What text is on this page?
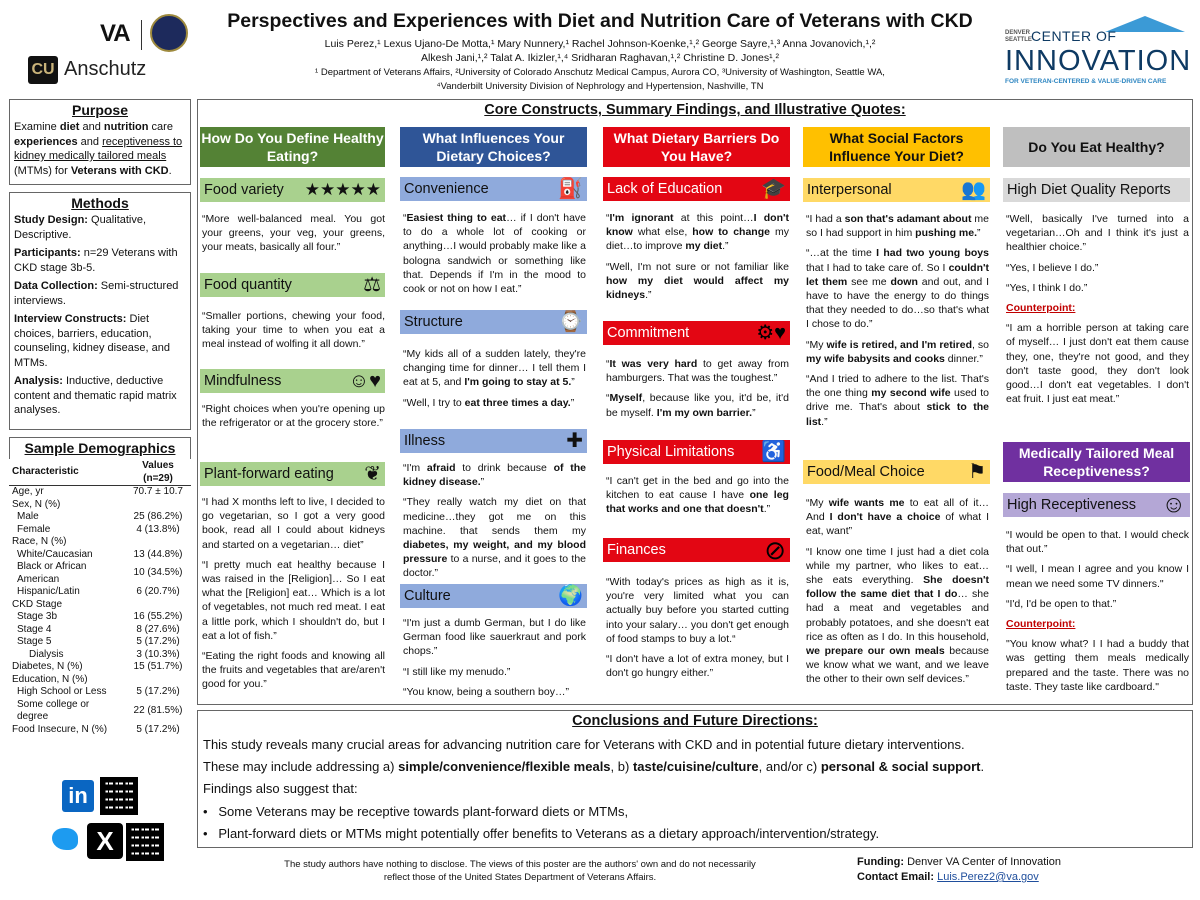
VA
CU Anschutz
Perspectives and Experiences with Diet and Nutrition Care of Veterans with CKD
Luis Perez,¹ Lexus Ujano-De Motta,¹ Mary Nunnery,¹ Rachel Johnson-Koenke,¹,² George Sayre,¹,³ Anna Jovanovich,¹,²
Alkesh Jani,¹,² Talat A. Ikizler,¹,⁴ Sridharan Raghavan,¹,² Christine D. Jones¹,²
¹ Department of Veterans Affairs, ²University of Colorado Anschutz Medical Campus, Aurora CO, ³University of Washington, Seattle WA,
⁴Vanderbilt University Division of Nephrology and Hypertension, Nashville, TN
DENVER SEATTLE CENTER OF
INNOVATION
FOR VETERAN-CENTERED & VALUE-DRIVEN CARE
Purpose
Examine diet and nutrition care experiences and receptiveness to kidney medically tailored meals (MTMs) for Veterans with CKD.
Methods

Study Design: Qualitative, Descriptive.

Participants: n=29 Veterans with CKD stage 3b-5.

Data Collection: Semi-structured interviews.

Interview Constructs: Diet choices, barriers, education, counseling, kidney disease, and MTMs.

Analysis: Inductive, deductive content and thematic rapid matrix analyses.

Sample Demographics
Characteristic	Values (n=29)
Age, yr	70.7 ± 10.7
Sex, N (%)	
Male	25 (86.2%)
Female	4 (13.8%)
Race, N (%)	
White/Caucasian	13 (44.8%)
Black or African American	10 (34.5%)
Hispanic/Latin	6 (20.7%)
CKD Stage	
Stage 3b	16 (55.2%)
Stage 4	8 (27.6%)
Stage 5	5 (17.2%)
Dialysis	3 (10.3%)
Diabetes, N (%)	15 (51.7%)
Education, N (%)	
High School or Less	5 (17.2%)
Some college or degree	22 (81.5%)
Food Insecure, N (%)	5 (17.2%)
in
X
Core Constructs, Summary Findings, and Illustrative Quotes:
How Do You Define Healthy Eating?
Food variety ★★★★★

“More well-balanced meal. You got your greens, your veg, your greens, your meats, basically all four.”

Food quantity	⚖

“Smaller portions, chewing your food, taking your time to when you eat a meal instead of wolfing it all down.”

Mindfulness	☺♥

“Right choices when you're opening up the refrigerator or at the grocery store.”

Plant-forward eating ❦

“I had X months left to live, I decided to go vegetarian, so I got a very good book, read all I could about kidneys and started on a vegetarian… diet”

“I pretty much eat healthy because I was raised in the [Religion]… So I eat what the [Religion] eat… Which is a lot of vegetables, not much red meat. I eat a little pork, which I shouldn't do, but I eat a lot of fish.”

“Eating the right foods and knowing all the fruits and vegetables that are/aren't good for you.”

What Influences Your Dietary Choices?
Convenience	⛽

“Easiest thing to eat… if I don't have to do a whole lot of cooking or anything…I would probably make like a bologna sandwich or something like that. Depends if I'm in the mood to cook or not on how I eat.”

Structure	⌚

“My kids all of a sudden lately, they're changing time for dinner… I tell them I eat at 5, and I'm going to stay at 5.”

“Well, I try to eat three times a day.”

Illness	✚

“I'm afraid to drink because of the kidney disease.”

“They really watch my diet on that medicine…they got me on this machine. that sends them my diabetes, my weight, and my blood pressure to a nurse, and it goes to the doctor.”

Culture	🌍

“I'm just a dumb German, but I do like German food like sauerkraut and pork chops.”

“I still like my menudo.”

“You know, being a southern boy…”

What Dietary Barriers Do You Have?
Lack of Education 🎓

“I'm ignorant at this point…I don't know what else, how to change my diet…to improve my diet.”

“Well, I'm not sure or not familiar like how my diet would affect my kidneys.”

Commitment	⚙♥

“It was very hard to get away from hamburgers. That was the toughest.”

“Myself, because like you, it'd be, it'd be myself. I'm my own barrier.”

Physical Limitations ♿

“I can't get in the bed and go into the kitchen to eat cause I have one leg that works and one that doesn't.”

Finances	⊘

“With today's prices as high as it is, you're very limited what you can actually buy before you started cutting into your salary… you don't get enough of food stamps to buy a lot.“

“I don't have a lot of extra money, but I don't go hungry either.”

What Social Factors Influence Your Diet?
Interpersonal	👥

“I had a son that's adamant about me so I had support in him pushing me.”

“…at the time I had two young boys that I had to take care of. So I couldn't let them see me down and out, and I have to have the energy to do things that they needed to do…so that's what I chose to do.”

“My wife is retired, and I'm retired, so my wife babysits and cooks dinner.”

“And I tried to adhere to the list. That's the one thing my second wife used to drive me. That's about stick to the list.”

Food/Meal Choice ⚑

“My wife wants me to eat all of it…And I don't have a choice of what I eat, want”

“I know one time I just had a diet cola while my partner, who likes to eat… she eats everything. She doesn't follow the same diet that I do… she had a meat and vegetables and probably potatoes, and she doesn't eat rice as often as I do. In this household, we prepare our own meals because we know what we want, and we leave the other to their own self devices.”

Do You Eat Healthy?
High Diet Quality Reports

“Well, basically I've turned into a vegetarian…Oh and I think it's just a healthier choice.”

“Yes, I believe I do.”

“Yes, I think I do.”

Counterpoint:

“I am a horrible person at taking care of myself… I just don't eat them cause they, one, they're not good, and they don't taste good, they don't look good…I don't eat vegetables. I don't eat fruit. I just eat meat.”

Medically Tailored Meal Receptiveness?
High Receptiveness ☺

“I would be open to that. I would check that out.”

“I well, I mean I agree and you know I mean we need some TV dinners."

“I'd, I'd be open to that.”

Counterpoint:

"You know what? I I had a buddy that was getting them meals medically prepared and the taste. There was no taste. They taste like cardboard."

Conclusions and Future Directions:
This study reveals many crucial areas for advancing nutrition care for Veterans with CKD and in potential future dietary interventions.
These may include addressing a) simple/convenience/flexible meals, b) taste/cuisine/culture, and/or c) personal & social support.
Findings also suggest that:
•   Some Veterans may be receptive towards plant-forward diets or MTMs,
•   Plant-forward diets or MTMs might potentially offer benefits to Veterans as a dietary approach/intervention/strategy.
The study authors have nothing to disclose. The views of this poster are the authors' own and do not necessarily reflect those of the United States Department of Veterans Affairs.
Funding: Denver VA Center of Innovation
Contact Email: Luis.Perez2@va.gov
